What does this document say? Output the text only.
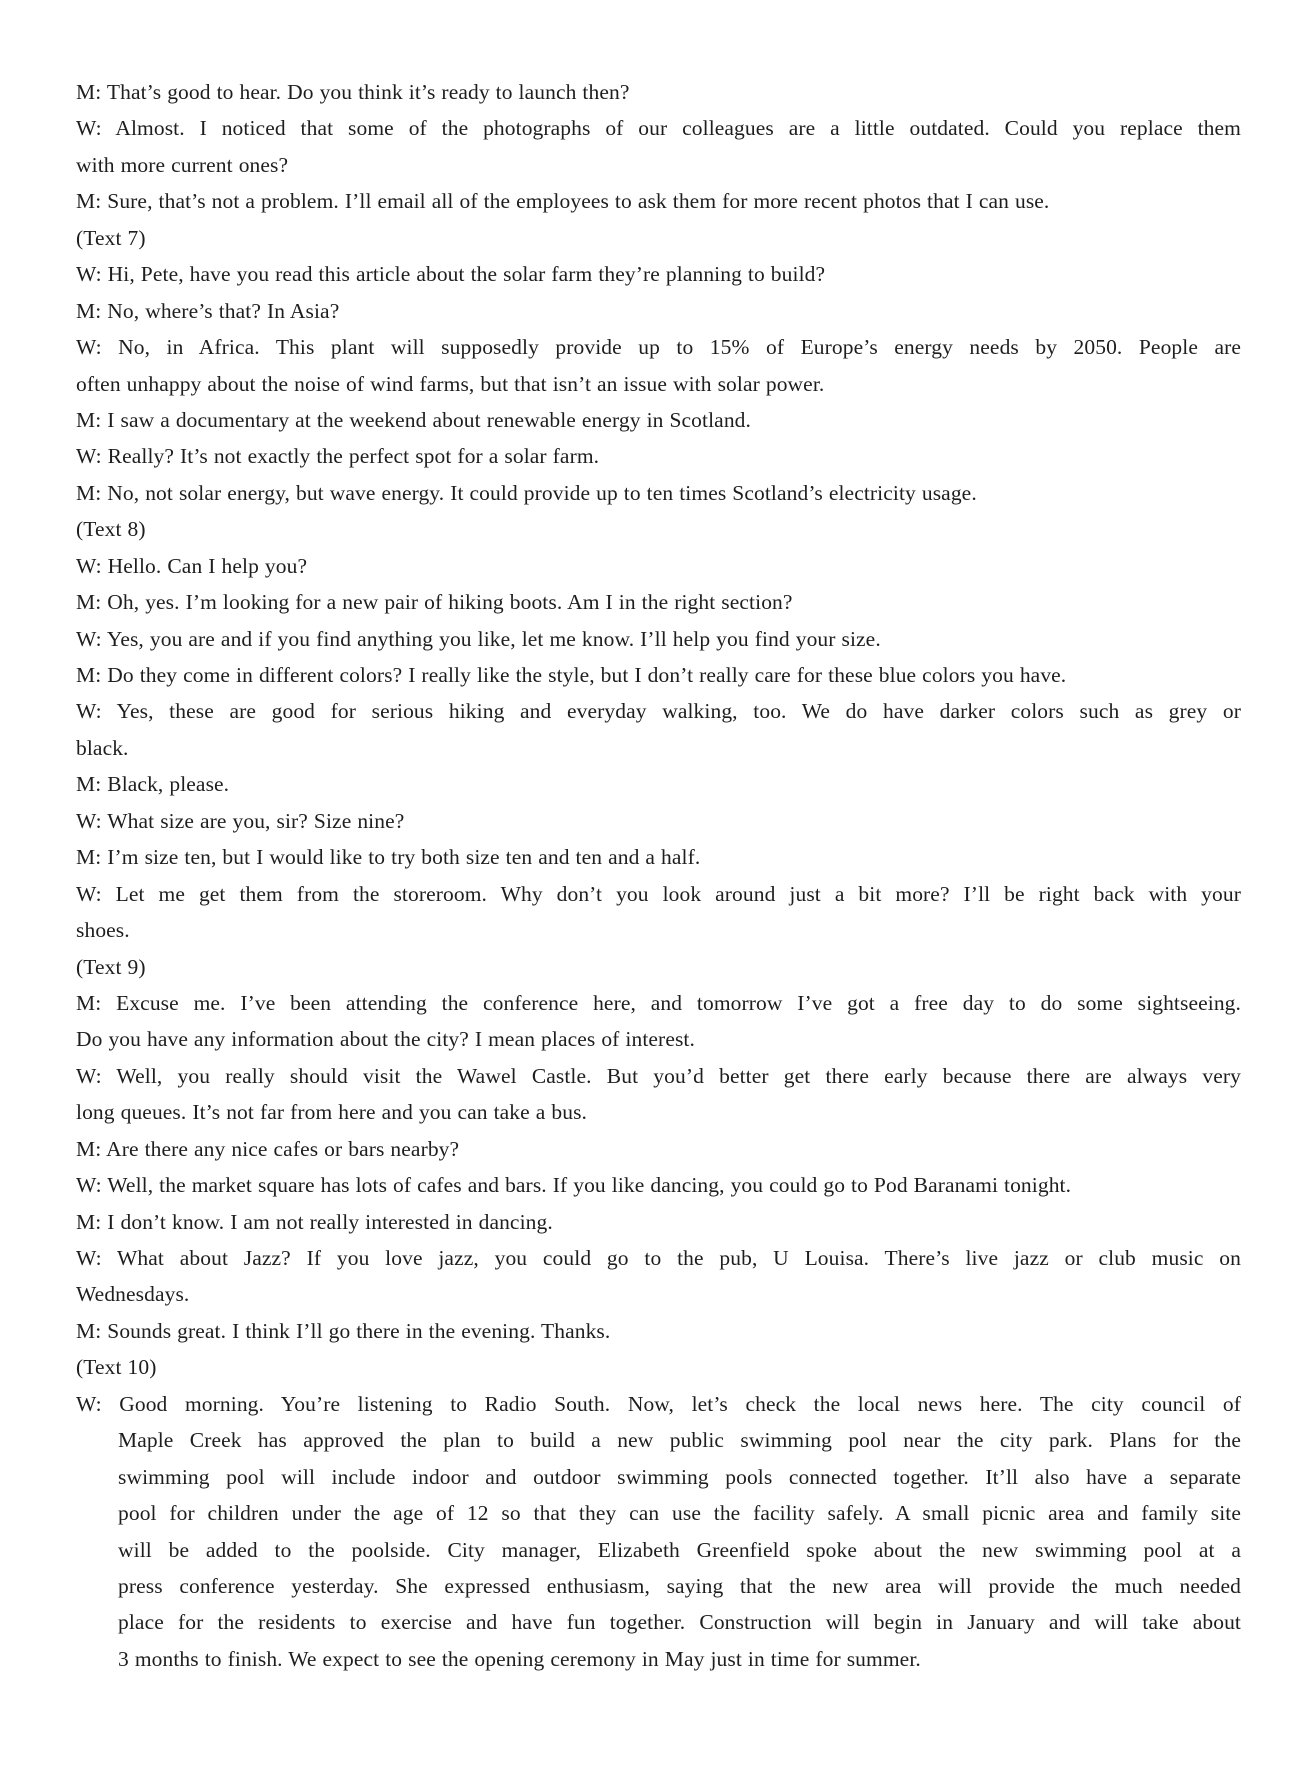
M: That’s good to hear. Do you think it’s ready to launch then?
W: Almost. I noticed that some of the photographs of our colleagues are a little outdated. Could you replace them
with more current ones?
M: Sure, that’s not a problem. I’ll email all of the employees to ask them for more recent photos that I can use.
(Text 7)
W: Hi, Pete, have you read this article about the solar farm they’re planning to build?
M: No, where’s that? In Asia?
W: No, in Africa. This plant will supposedly provide up to 15% of Europe’s energy needs by 2050. People are
often unhappy about the noise of wind farms, but that isn’t an issue with solar power.
M: I saw a documentary at the weekend about renewable energy in Scotland.
W: Really? It’s not exactly the perfect spot for a solar farm.
M: No, not solar energy, but wave energy. It could provide up to ten times Scotland’s electricity usage.
(Text 8)
W: Hello. Can I help you?
M: Oh, yes. I’m looking for a new pair of hiking boots. Am I in the right section?
W: Yes, you are and if you find anything you like, let me know. I’ll help you find your size.
M: Do they come in different colors? I really like the style, but I don’t really care for these blue colors you have.
W: Yes, these are good for serious hiking and everyday walking, too. We do have darker colors such as grey or
black.
M: Black, please.
W: What size are you, sir? Size nine?
M: I’m size ten, but I would like to try both size ten and ten and a half.
W: Let me get them from the storeroom. Why don’t you look around just a bit more? I’ll be right back with your
shoes.
(Text 9)
M: Excuse me. I’ve been attending the conference here, and tomorrow I’ve got a free day to do some sightseeing.
Do you have any information about the city? I mean places of interest.
W: Well, you really should visit the Wawel Castle. But you’d better get there early because there are always very
long queues. It’s not far from here and you can take a bus.
M: Are there any nice cafes or bars nearby?
W: Well, the market square has lots of cafes and bars. If you like dancing, you could go to Pod Baranami tonight.
M: I don’t know. I am not really interested in dancing.
W: What about Jazz? If you love jazz, you could go to the pub, U Louisa. There’s live jazz or club music on
Wednesdays.
M: Sounds great. I think I’ll go there in the evening. Thanks.
(Text 10)
W: Good morning. You’re listening to Radio South. Now, let’s check the local news here. The city council of
Maple Creek has approved the plan to build a new public swimming pool near the city park. Plans for the
swimming pool will include indoor and outdoor swimming pools connected together. It’ll also have a separate
pool for children under the age of 12 so that they can use the facility safely. A small picnic area and family site
will be added to the poolside. City manager, Elizabeth Greenfield spoke about the new swimming pool at a
press conference yesterday. She expressed enthusiasm, saying that the new area will provide the much needed
place for the residents to exercise and have fun together. Construction will begin in January and will take about
3 months to finish. We expect to see the opening ceremony in May just in time for summer.
